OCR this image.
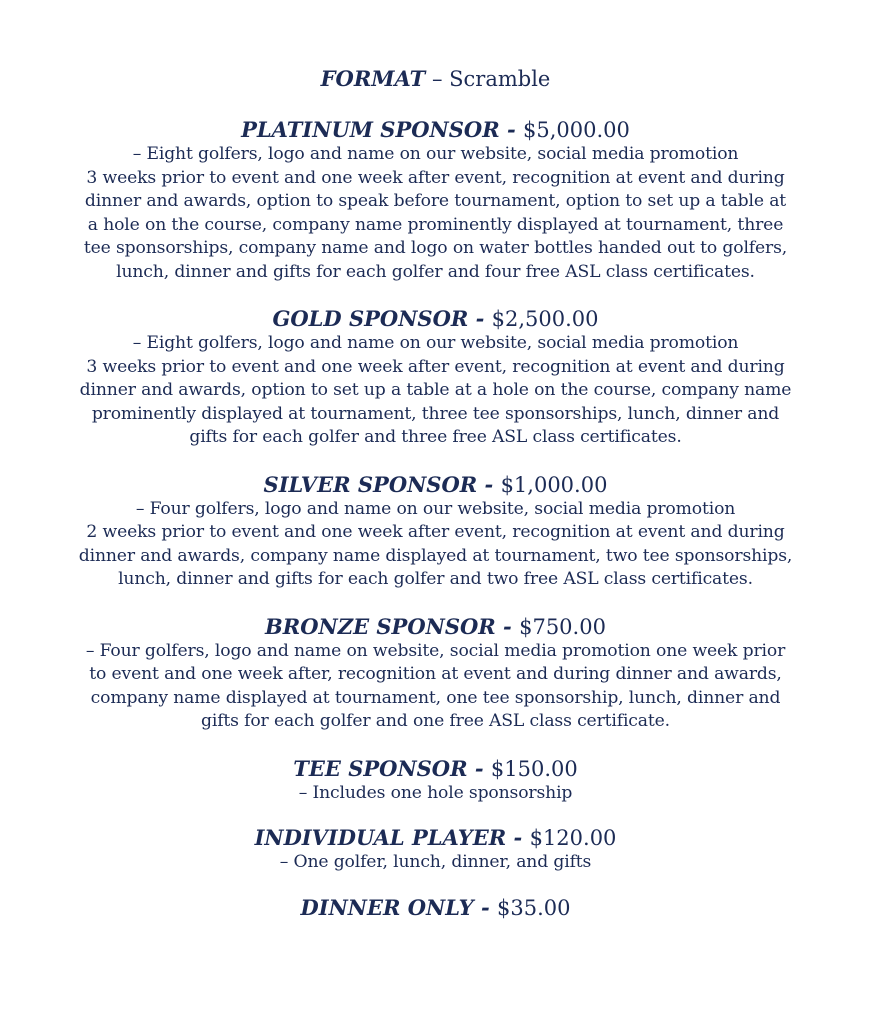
FORMAT – Scramble

PLATINUM SPONSOR - $5,000.00

– Eight golfers, logo and name on our website, social media promotion

3 weeks prior to event and one week after event, recognition at event and during

dinner and awards, option to speak before tournament, option to set up a table at

a hole on the course, company name prominently displayed at tournament, three

tee sponsorships, company name and logo on water bottles handed out to golfers,

lunch, dinner and gifts for each golfer and four free ASL class certificates.

GOLD SPONSOR - $2,500.00

– Eight golfers, logo and name on our website, social media promotion

3 weeks prior to event and one week after event, recognition at event and during

dinner and awards, option to set up a table at a hole on the course, company name

prominently displayed at tournament, three tee sponsorships, lunch, dinner and

gifts for each golfer and three free ASL class certificates.

SILVER SPONSOR - $1,000.00

– Four golfers, logo and name on our website, social media promotion

2 weeks prior to event and one week after event, recognition at event and during

dinner and awards, company name displayed at tournament, two tee sponsorships,

lunch, dinner and gifts for each golfer and two free ASL class certificates.

BRONZE SPONSOR - $750.00

– Four golfers, logo and name on website, social media promotion one week prior

to event and one week after, recognition at event and during dinner and awards,

company name displayed at tournament, one tee sponsorship, lunch, dinner and

gifts for each golfer and one free ASL class certificate.

TEE SPONSOR - $150.00

– Includes one hole sponsorship

INDIVIDUAL PLAYER - $120.00

– One golfer, lunch, dinner, and gifts

DINNER ONLY - $35.00
